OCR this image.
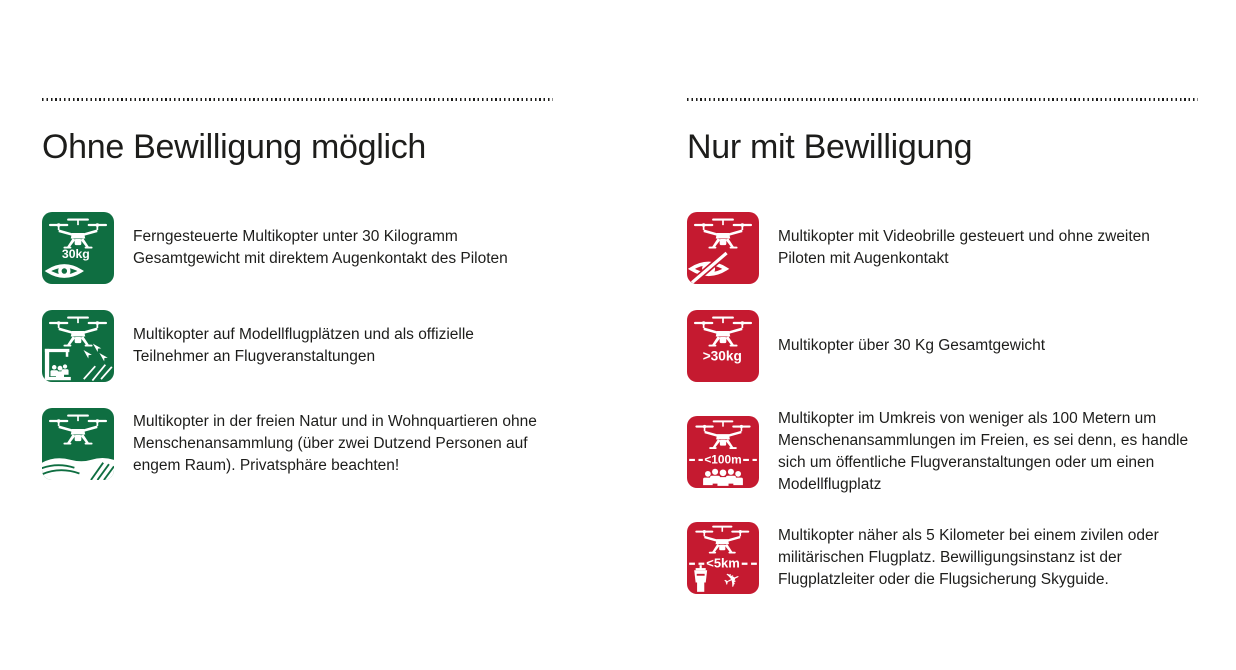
Ohne Bewilligung möglich
30kg

Ferngesteuerte Multikopter unter 30 Kilogramm Gesamtgewicht mit direktem Augenkontakt des Piloten

Multikopter auf Modellflugplätzen und als offizielle Teilnehmer an Flugveranstaltungen

Multikopter in der freien Natur und in Wohnquartieren ohne Menschenansammlung (über zwei Dutzend Personen auf engem Raum). Privatsphäre beachten!

Nur mit Bewilligung

Multikopter mit Videobrille gesteuert und ohne zweiten Piloten mit Augenkontakt

>30kg

Multikopter über 30 Kg Gesamtgewicht

<100m

Multikopter im Umkreis von weniger als 100 Metern um Menschenansammlungen im Freien, es sei denn, es handle sich um öffentliche Flugveranstaltungen oder um einen Modellflugplatz

<5km
✈

Multikopter näher als 5 Kilometer bei einem zivilen oder militärischen Flugplatz. Bewilligungsinstanz ist der Flugplatzleiter oder die Flugsicherung Skyguide.
